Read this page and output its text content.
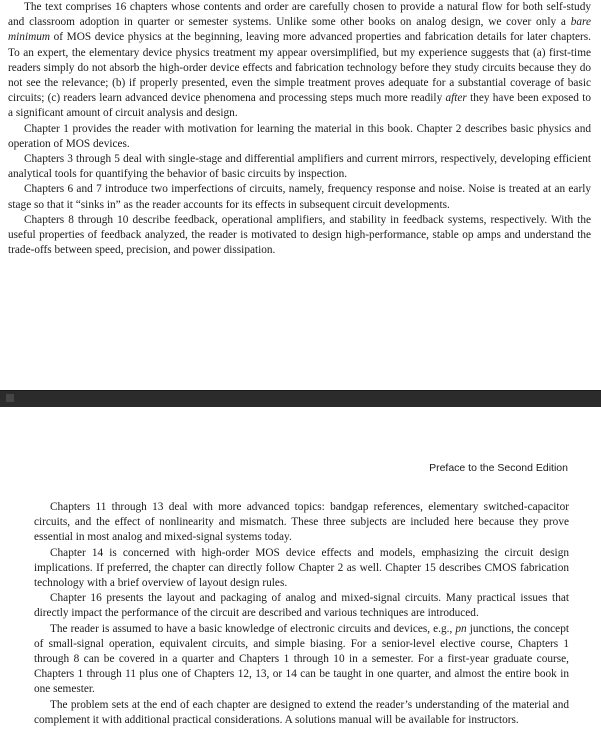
The text comprises 16 chapters whose contents and order are carefully chosen to provide a natural flow for both self-study and classroom adoption in quarter or semester systems. Unlike some other books on analog design, we cover only a bare minimum of MOS device physics at the beginning, leaving more advanced properties and fabrication details for later chapters. To an expert, the elementary device physics treatment my appear oversimplified, but my experience suggests that (a) first-time readers simply do not absorb the high-order device effects and fabrication technology before they study circuits because they do not see the relevance; (b) if properly presented, even the simple treatment proves adequate for a substantial coverage of basic circuits; (c) readers learn advanced device phenomena and processing steps much more readily after they have been exposed to a significant amount of circuit analysis and design.

Chapter 1 provides the reader with motivation for learning the material in this book. Chapter 2 describes basic physics and operation of MOS devices.

Chapters 3 through 5 deal with single-stage and differential amplifiers and current mirrors, respectively, developing efficient analytical tools for quantifying the behavior of basic circuits by inspection.

Chapters 6 and 7 introduce two imperfections of circuits, namely, frequency response and noise. Noise is treated at an early stage so that it “sinks in” as the reader accounts for its effects in subsequent circuit developments.

Chapters 8 through 10 describe feedback, operational amplifiers, and stability in feedback systems, respectively. With the useful properties of feedback analyzed, the reader is motivated to design high-performance, stable op amps and understand the trade-offs between speed, precision, and power dissipation.

Preface to the Second Edition

Chapters 11 through 13 deal with more advanced topics: bandgap references, elementary switched-capacitor circuits, and the effect of nonlinearity and mismatch. These three subjects are included here because they prove essential in most analog and mixed-signal systems today.

Chapter 14 is concerned with high-order MOS device effects and models, emphasizing the circuit design implications. If preferred, the chapter can directly follow Chapter 2 as well. Chapter 15 describes CMOS fabrication technology with a brief overview of layout design rules.

Chapter 16 presents the layout and packaging of analog and mixed-signal circuits. Many practical issues that directly impact the performance of the circuit are described and various techniques are introduced.

The reader is assumed to have a basic knowledge of electronic circuits and devices, e.g., pn junctions, the concept of small-signal operation, equivalent circuits, and simple biasing. For a senior-level elective course, Chapters 1 through 8 can be covered in a quarter and Chapters 1 through 10 in a semester. For a first-year graduate course, Chapters 1 through 11 plus one of Chapters 12, 13, or 14 can be taught in one quarter, and almost the entire book in one semester.

The problem sets at the end of each chapter are designed to extend the reader’s understanding of the material and complement it with additional practical considerations. A solutions manual will be available for instructors.
